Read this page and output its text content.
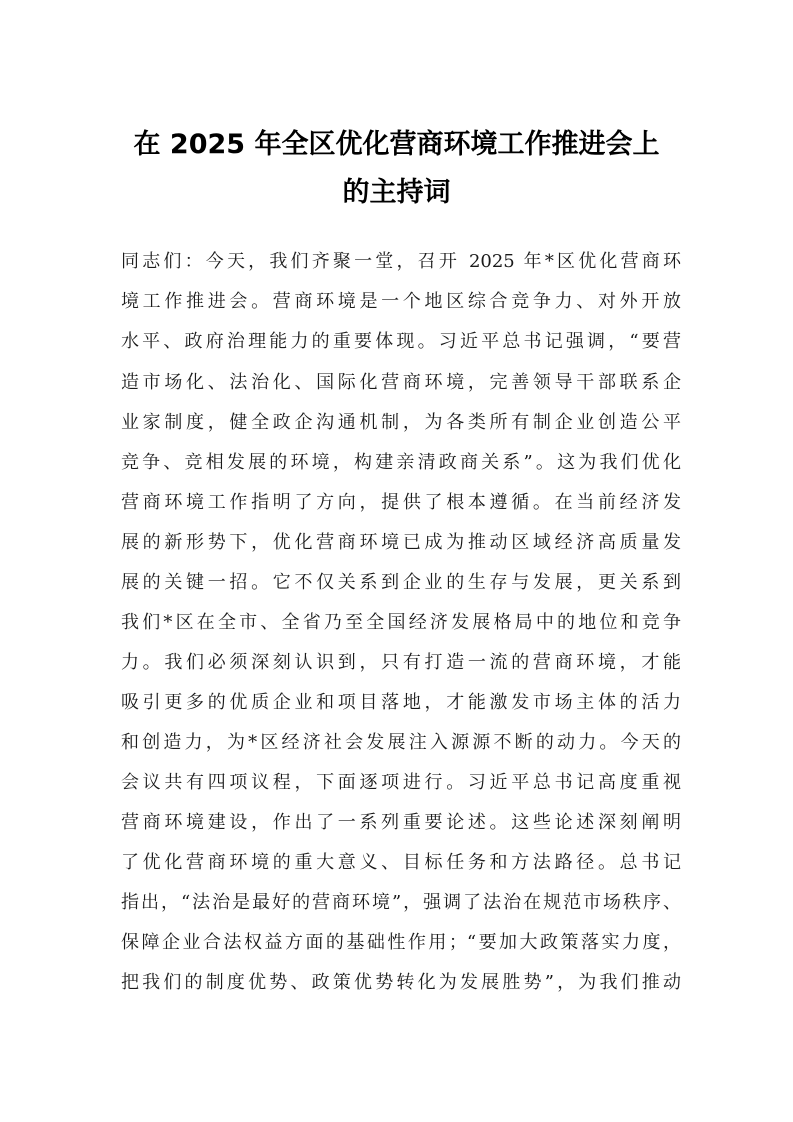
在 2025 年全区优化营商环境工作推进会上
的主持词

同志们：今天，我们齐聚一堂，召开 2025 年*区优化营商环

境工作推进会。营商环境是一个地区综合竞争力、对外开放

水平、政府治理能力的重要体现。习近平总书记强调，“要营

造市场化、法治化、国际化营商环境，完善领导干部联系企

业家制度，健全政企沟通机制，为各类所有制企业创造公平

竞争、竞相发展的环境，构建亲清政商关系”。这为我们优化

营商环境工作指明了方向，提供了根本遵循。在当前经济发

展的新形势下，优化营商环境已成为推动区域经济高质量发

展的关键一招。它不仅关系到企业的生存与发展，更关系到

我们*区在全市、全省乃至全国经济发展格局中的地位和竞争

力。我们必须深刻认识到，只有打造一流的营商环境，才能

吸引更多的优质企业和项目落地，才能激发市场主体的活力

和创造力，为*区经济社会发展注入源源不断的动力。今天的

会议共有四项议程，下面逐项进行。习近平总书记高度重视

营商环境建设，作出了一系列重要论述。这些论述深刻阐明

了优化营商环境的重大意义、目标任务和方法路径。总书记

指出，“法治是最好的营商环境”，强调了法治在规范市场秩序、

保障企业合法权益方面的基础性作用；“要加大政策落实力度，

把我们的制度优势、政策优势转化为发展胜势”，为我们推动
